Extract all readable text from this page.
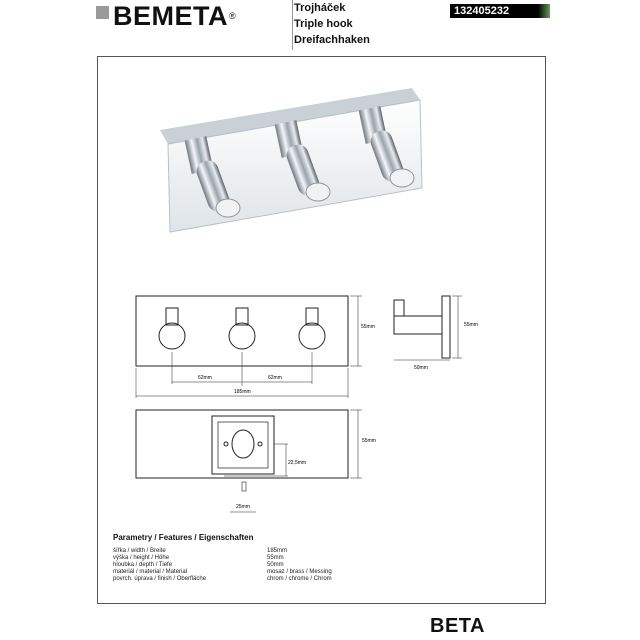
BEMETA ®
Trojháček
Triple hook
Dreifachhaken
132405232
62mm	62mm
185mm
55mm	55mm
50mm
55mm
22,5mm
25mm
Parametry / Features / Eigenschaften
šířka / width / Breite	185mm
výška / height / Höhe	55mm
hloubka / depth / Tiefe	50mm
materiál / material / Material	mosaz / brass / Messing
povrch. úprava / finish / Oberfläche	chrom / chrome / Chrom
BETA
